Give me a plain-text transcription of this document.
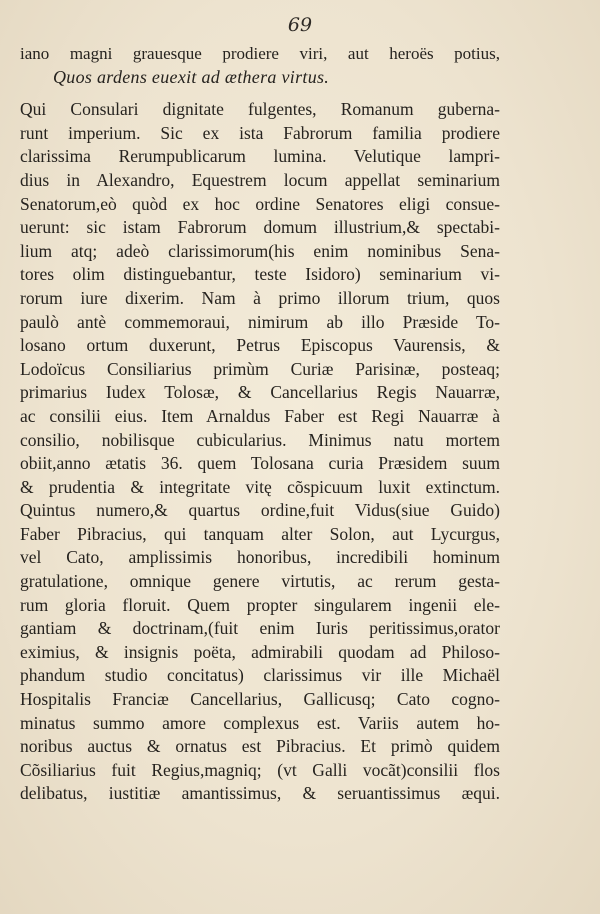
69
iano magni grauesque prodiere viri, aut heroës potius,
Quos ardens euexit ad æthera virtus.
Qui Consulari dignitate fulgentes, Romanum guberna-
runt imperium. Sic ex ista Fabrorum familia prodiere
clarissima Rerumpublicarum lumina. Velutique lampri-
dius in Alexandro, Equestrem locum appellat seminarium
Senatorum,eò quòd ex hoc ordine Senatores eligi consue-
uerunt: sic istam Fabrorum domum illustrium,& spectabi-
lium atq; adeò clarissimorum(his enim nominibus Sena-
tores olim distinguebantur, teste Isidoro) seminarium vi-
rorum iure dixerim. Nam à primo illorum trium, quos
paulò antè commemoraui, nimirum ab illo Præside To-
losano ortum duxerunt, Petrus Episcopus Vaurensis, &
Lodoïcus Consiliarius primùm Curiæ Parisinæ, posteaq;
primarius Iudex Tolosæ, & Cancellarius Regis Nauarræ,
ac consilii eius. Item Arnaldus Faber est Regi Nauarræ à
consilio, nobilisque cubicularius. Minimus natu mortem
obiit,anno ætatis 36. quem Tolosana curia Præsidem suum
& prudentia & integritate vitę cõspicuum luxit extinctum.
Quintus numero,& quartus ordine,fuit Vidus(siue Guido)
Faber Pibracius, qui tanquam alter Solon, aut Lycurgus,
vel Cato, amplissimis honoribus, incredibili hominum
gratulatione, omnique genere virtutis, ac rerum gesta-
rum gloria floruit. Quem propter singularem ingenii ele-
gantiam & doctrinam,(fuit enim Iuris peritissimus,orator
eximius, & insignis poëta, admirabili quodam ad Philoso-
phandum studio concitatus) clarissimus vir ille Michaël
Hospitalis Franciæ Cancellarius, Gallicusq; Cato cogno-
minatus summo amore complexus est. Variis autem ho-
noribus auctus & ornatus est Pibracius. Et primò quidem
Cõsiliarius fuit Regius,magniq; (vt Galli vocãt)consilii flos
delibatus, iustitiæ amantissimus, & seruantissimus æqui.
